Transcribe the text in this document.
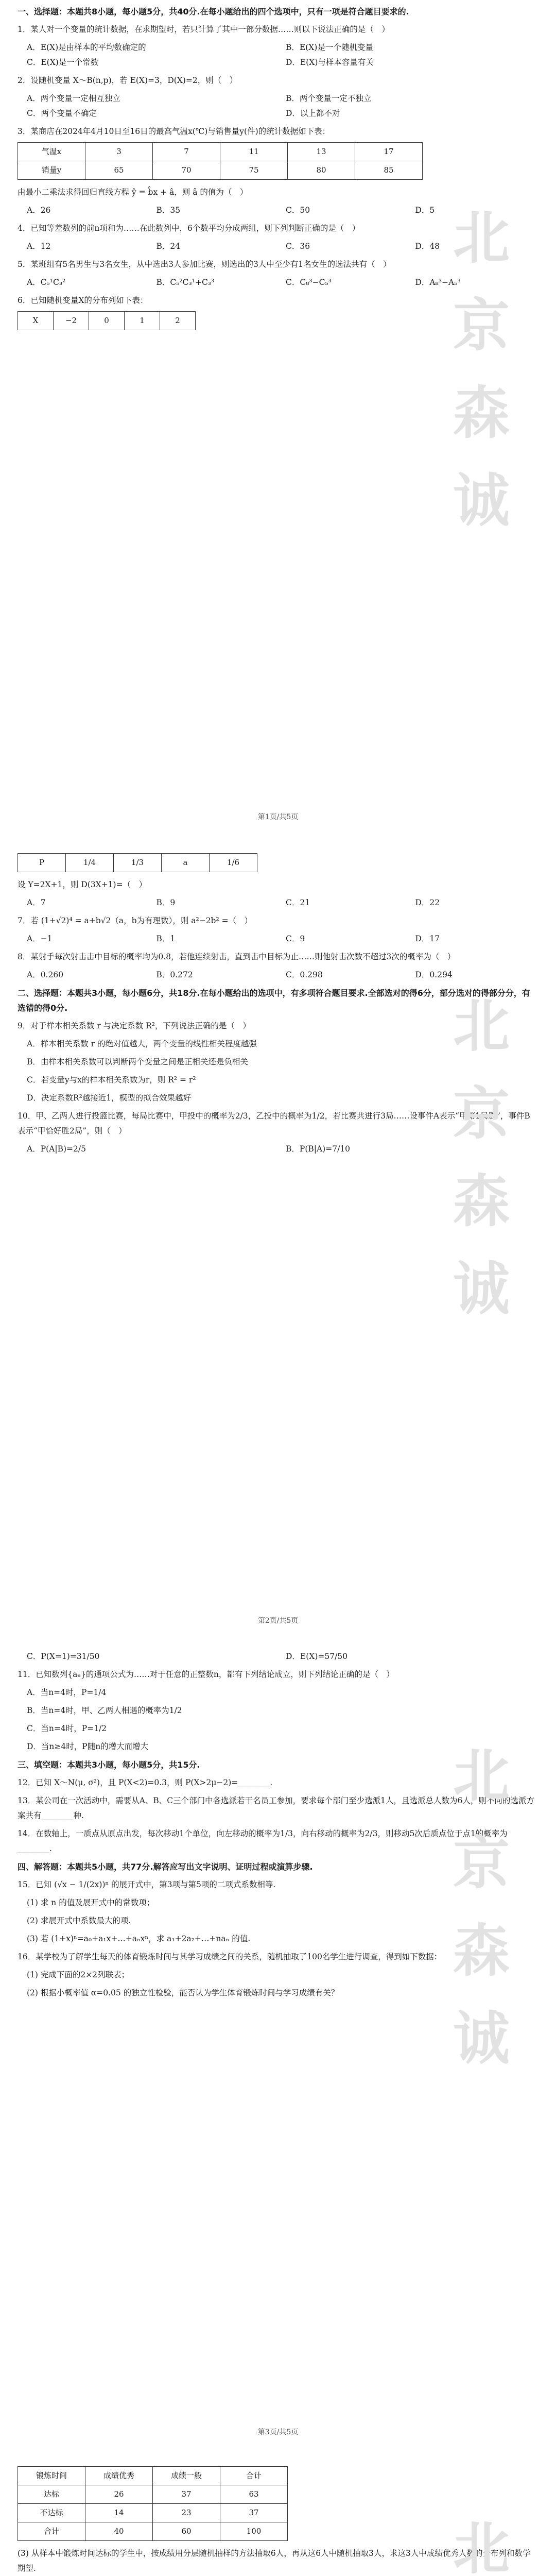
一、选择题：本题共8小题，每小题5分，共40分.在每小题给出的四个选项中，只有一项是符合题目要求的.

1．某人对一个变量的统计数据，在求期望时，若只计算了其中一部分数据……则以下说法正确的是（　）

A．E(X)是由样本的平均数确定的	B．E(X)是一个随机变量
C．E(X)是一个常数	D．E(X)与样本容量有关

2．设随机变量 X～B(n,p)，若 E(X)=3，D(X)=2，则（　）

A．两个变量一定相互独立	B．两个变量一定不独立
C．两个变量不确定	D．以上都不对

3．某商店在2024年4月10日至16日的最高气温x(℃)与销售量y(件)的统计数据如下表：

气温x	3	7	11	13	17
销量y	65	70	75	80	85

由最小二乘法求得回归直线方程 ŷ = b̂x + â，则 â 的值为（　）

A．26	B．35	C．50	D．5

4．已知等差数列的前n项和为……在此数列中，6个数平均分成两组，则下列判断正确的是（　）

A．12	B．24	C．36	D．48

5．某班组有5名男生与3名女生，从中选出3人参加比赛，则选出的3人中至少有1名女生的选法共有（　）

A．C₅¹C₃²	B．C₅²C₃¹+C₃³	C．C₈³−C₅³	D．A₈³−A₅³

6．已知随机变量X的分布列如下表：

X	−2	0	1	2
北
京
森
诚
第1页/共5页
P	1/4	1/3	a	1/6

设 Y=2X+1，则 D(3X+1)=（　）

A．7	B．9	C．21	D．22

7．若 (1+√2)⁴ = a+b√2（a，b为有理数），则 a²−2b² =（　）

A．−1	B．1	C．9	D．17

8．某射手每次射击击中目标的概率均为0.8，若他连续射击，直到击中目标为止……则他射击次数不超过3次的概率为（　）

A．0.260	B．0.272	C．0.298	D．0.294

二、选择题：本题共3小题，每小题6分，共18分.在每小题给出的选项中，有多项符合题目要求.全部选对的得6分，部分选对的得部分分，有选错的得0分.

9．对于样本相关系数 r 与决定系数 R²，下列说法正确的是（　）

A．样本相关系数 r 的绝对值越大，两个变量的线性相关程度越强

B．由样本相关系数可以判断两个变量之间是正相关还是负相关

C．若变量y与x的样本相关系数为r，则 R² = r²

D．决定系数R²越接近1，模型的拟合效果越好

10．甲、乙两人进行投篮比赛，每局比赛中，甲投中的概率为2/3，乙投中的概率为1/2，若比赛共进行3局……设事件A表示“甲第1局胜”，事件B表示“甲恰好胜2局”，则（　）

A．P(A|B)=2/5	B．P(B|A)=7/10
北
京
森
诚
第2页/共5页
C．P(X=1)=31/50	D．E(X)=57/50

11．已知数列{aₙ}的通项公式为……对于任意的正整数n，都有下列结论成立，则下列结论正确的是（　）

A．当n=4时，P=1/4

B．当n=4时，甲、乙两人相遇的概率为1/2

C．当n=4时，P=1/2

D．当n≥4时，P随n的增大而增大

三、填空题：本题共3小题，每小题5分，共15分.

12．已知 X～N(μ, σ²)，且 P(X<2)=0.3，则 P(X>2μ−2)=________.

13．某公司在一次活动中，需要从A、B、C三个部门中各选派若干名员工参加，要求每个部门至少选派1人，且选派总人数为6人，则不同的选派方案共有________种.

14．在数轴上，一质点从原点出发，每次移动1个单位，向左移动的概率为1/3，向右移动的概率为2/3，则移动5次后质点位于点1的概率为________.

四、解答题：本题共5小题，共77分.解答应写出文字说明、证明过程或演算步骤.

15．已知 (√x − 1/(2x))ⁿ 的展开式中，第3项与第5项的二项式系数相等.

(1) 求 n 的值及展开式中的常数项；

(2) 求展开式中系数最大的项.

(3) 若 (1+x)ⁿ=a₀+a₁x+…+aₙxⁿ，求 a₁+2a₂+…+naₙ 的值.

16．某学校为了解学生每天的体育锻炼时间与其学习成绩之间的关系，随机抽取了100名学生进行调查，得到如下数据：

(1) 完成下面的2×2列联表；

(2) 根据小概率值 α=0.05 的独立性检验，能否认为学生体育锻炼时间与学习成绩有关？

北
京
森
诚
第3页/共5页
锻炼时间	成绩优秀	成绩一般	合计
达标	26	37	63
不达标	14	23	37
合计	40	60	100

(3) 从样本中锻炼时间达标的学生中，按成绩用分层随机抽样的方法抽取6人，再从这6人中随机抽取3人，求这3人中成绩优秀人数的分布列和数学期望.

						北
